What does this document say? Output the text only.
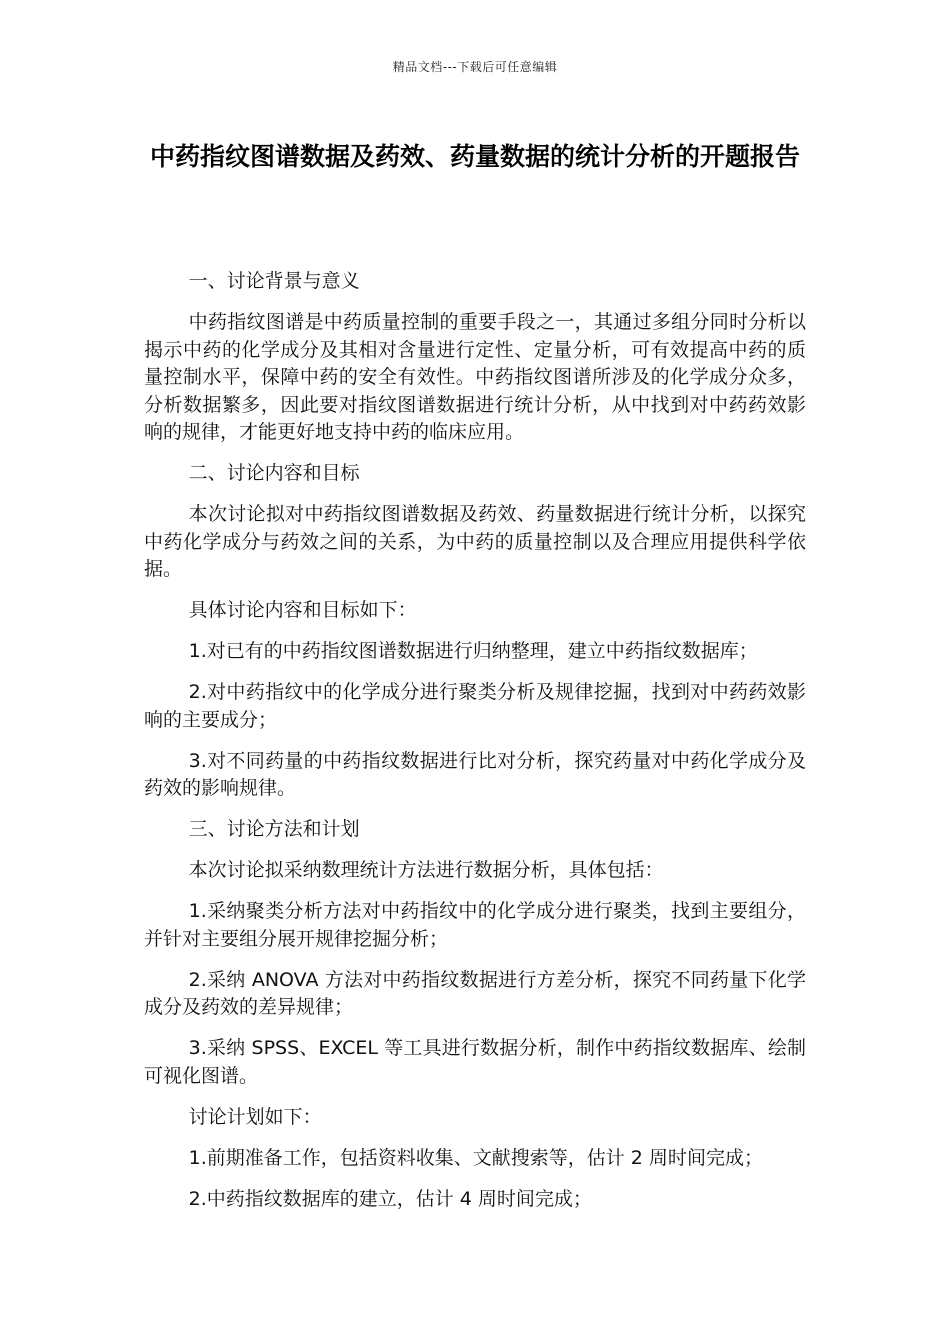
精品文档---下载后可任意编辑
中药指纹图谱数据及药效、药量数据的统计分析的开题报告

一、讨论背景与意义

中药指纹图谱是中药质量控制的重要手段之一，其通过多组分同时分析以揭示中药的化学成分及其相对含量进行定性、定量分析，可有效提高中药的质量控制水平，保障中药的安全有效性。中药指纹图谱所涉及的化学成分众多，分析数据繁多，因此要对指纹图谱数据进行统计分析，从中找到对中药药效影响的规律，才能更好地支持中药的临床应用。

二、讨论内容和目标

本次讨论拟对中药指纹图谱数据及药效、药量数据进行统计分析，以探究中药化学成分与药效之间的关系，为中药的质量控制以及合理应用提供科学依据。

具体讨论内容和目标如下：

1.对已有的中药指纹图谱数据进行归纳整理，建立中药指纹数据库；

2.对中药指纹中的化学成分进行聚类分析及规律挖掘，找到对中药药效影响的主要成分；

3.对不同药量的中药指纹数据进行比对分析，探究药量对中药化学成分及药效的影响规律。

三、讨论方法和计划

本次讨论拟采纳数理统计方法进行数据分析，具体包括：

1.采纳聚类分析方法对中药指纹中的化学成分进行聚类，找到主要组分，并针对主要组分展开规律挖掘分析；

2.采纳 ANOVA 方法对中药指纹数据进行方差分析，探究不同药量下化学成分及药效的差异规律；

3.采纳 SPSS、EXCEL 等工具进行数据分析，制作中药指纹数据库、绘制可视化图谱。

讨论计划如下：

1.前期准备工作，包括资料收集、文献搜索等，估计 2 周时间完成；

2.中药指纹数据库的建立，估计 4 周时间完成；
